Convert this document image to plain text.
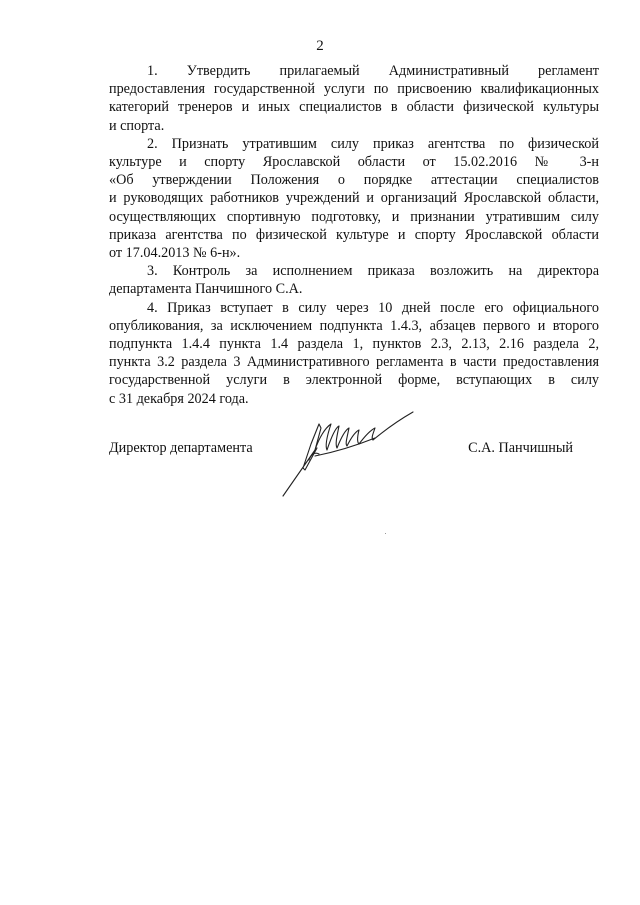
2

1. Утвердить прилагаемый Административный регламент
предоставления государственной услуги по присвоению квалификационных
категорий тренеров и иных специалистов в области физической культуры
и спорта.

2. Признать утратившим силу приказ агентства по физической
культуре и спорту Ярославской области от 15.02.2016 № 3-н
«Об утверждении Положения о порядке аттестации специалистов
и руководящих работников учреждений и организаций Ярославской области,
осуществляющих спортивную подготовку, и признании утратившим силу
приказа агентства по физической культуре и спорту Ярославской области
от 17.04.2013 № 6-н».

3. Контроль за исполнением приказа возложить на директора
департамента Панчишного С.А.

4. Приказ вступает в силу через 10 дней после его официального
опубликования, за исключением подпункта 1.4.3, абзацев первого и второго
подпункта 1.4.4 пункта 1.4 раздела 1, пунктов 2.3, 2.13, 2.16 раздела 2,
пункта 3.2 раздела 3 Административного регламента в части предоставления
государственной услуги в электронной форме, вступающих в силу
с 31 декабря 2024 года.

Директор департамента	С.А. Панчишный
